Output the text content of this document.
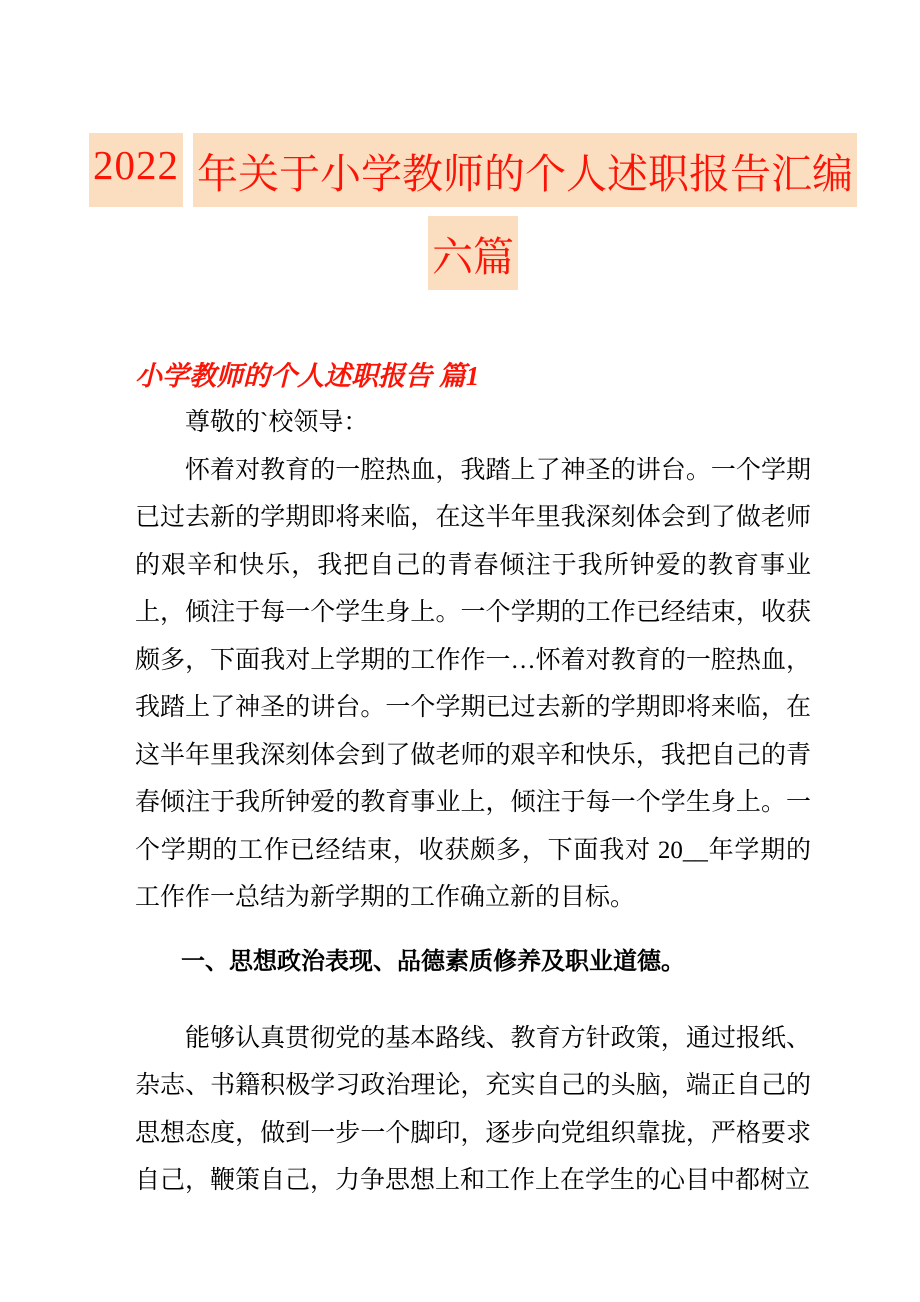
2022 年关于小学教师的个人述职报告汇编
六篇
小学教师的个人述职报告 篇1

尊敬的`校领导：

怀着对教育的一腔热血，我踏上了神圣的讲台。一个学期已过去新的学期即将来临，在这半年里我深刻体会到了做老师的艰辛和快乐，我把自己的青春倾注于我所钟爱的教育事业上，倾注于每一个学生身上。一个学期的工作已经结束，收获颇多，下面我对上学期的工作作一…怀着对教育的一腔热血，我踏上了神圣的讲台。一个学期已过去新的学期即将来临，在这半年里我深刻体会到了做老师的艰辛和快乐，我把自己的青春倾注于我所钟爱的教育事业上，倾注于每一个学生身上。一个学期的工作已经结束，收获颇多，下面我对 20__年学期的工作作一总结为新学期的工作确立新的目标。

一、思想政治表现、品德素质修养及职业道德。

能够认真贯彻党的基本路线、教育方针政策，通过报纸、杂志、书籍积极学习政治理论，充实自己的头脑，端正自己的思想态度，做到一步一个脚印，逐步向党组织靠拢，严格要求自己，鞭策自己，力争思想上和工作上在学生的心目中都树立
